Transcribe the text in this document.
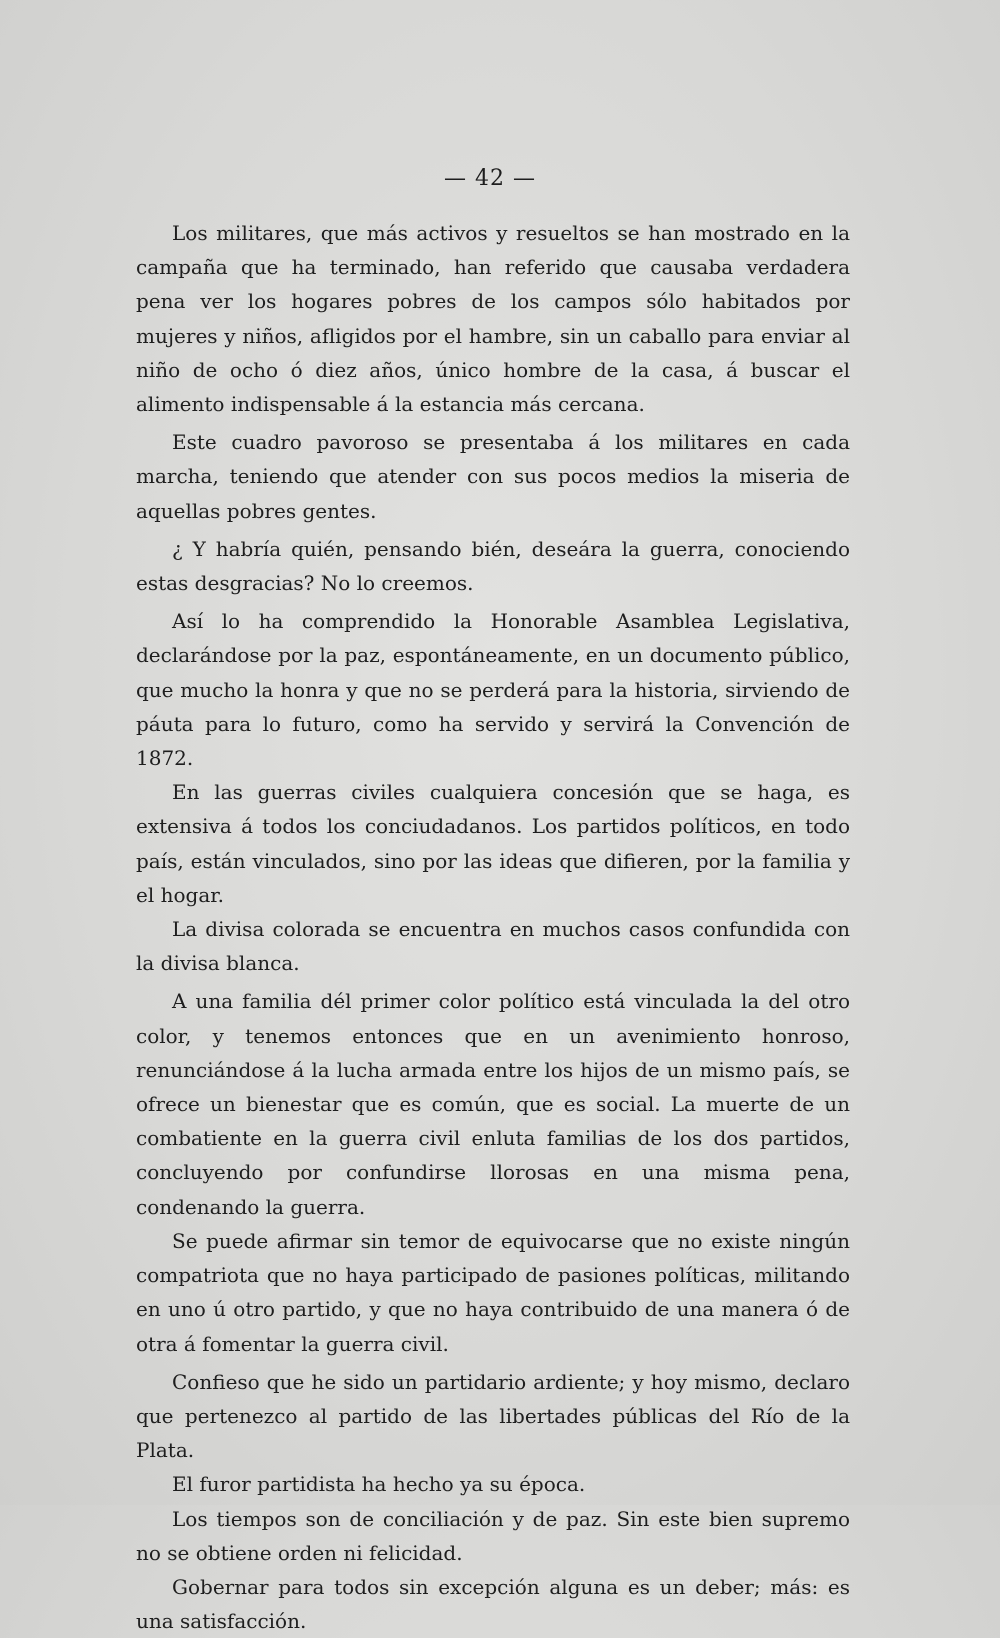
— 42 —

Los militares, que más activos y resueltos se han mostrado en la campaña que ha terminado, han referido que causaba verdadera pena ver los hogares pobres de los campos sólo habitados por mujeres y niños, afligidos por el hambre, sin un caballo para enviar al niño de ocho ó diez años, único hombre de la casa, á buscar el alimento indispensable á la estancia más cercana.

Este cuadro pavoroso se presentaba á los militares en cada marcha, teniendo que atender con sus pocos medios la miseria de aquellas pobres gentes.

¿ Y habría quién, pensando bién, deseára la guerra, conociendo estas desgracias? No lo creemos.

Así lo ha comprendido la Honorable Asamblea Legislativa, declarándose por la paz, espontáneamente, en un documento público, que mucho la honra y que no se perderá para la historia, sirviendo de páuta para lo futuro, como ha servido y servirá la Convención de 1872.

En las guerras civiles cualquiera concesión que se haga, es extensiva á todos los conciudadanos. Los partidos políticos, en todo país, están vinculados, sino por las ideas que difieren, por la familia y el hogar.

La divisa colorada se encuentra en muchos casos confundida con la divisa blanca.

A una familia dél primer color político está vinculada la del otro color, y tenemos entonces que en un avenimiento honroso, renunciándose á la lucha armada entre los hijos de un mismo país, se ofrece un bienestar que es común, que es social. La muerte de un combatiente en la guerra civil enluta familias de los dos partidos, concluyendo por confundirse llorosas en una misma pena, condenando la guerra.

Se puede afirmar sin temor de equivocarse que no existe ningún compatriota que no haya participado de pasiones políticas, militando en uno ú otro partido, y que no haya contribuido de una manera ó de otra á fomentar la guerra civil.

Confieso que he sido un partidario ardiente; y hoy mismo, declaro que pertenezco al partido de las libertades públicas del Río de la Plata.

El furor partidista ha hecho ya su época.

Los tiempos son de conciliación y de paz. Sin este bien supremo no se obtiene orden ni felicidad.

Gobernar para todos sin excepción alguna es un deber; más: es una satisfacción.
